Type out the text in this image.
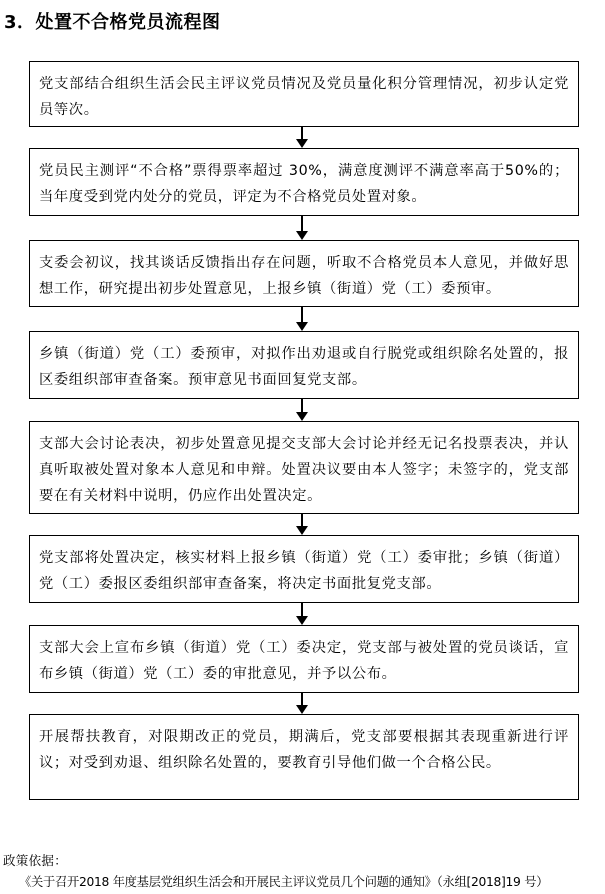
3．处置不合格党员流程图
党支部结合组织生活会民主评议党员情况及党员量化积分管理情况，初步认定党员等次。
党员民主测评“不合格”票得票率超过 30%，满意度测评不满意率高于50%的；当年度受到党内处分的党员，评定为不合格党员处置对象。
支委会初议，找其谈话反馈指出存在问题，听取不合格党员本人意见，并做好思想工作，研究提出初步处置意见，上报乡镇（街道）党（工）委预审。
乡镇（街道）党（工）委预审，对拟作出劝退或自行脱党或组织除名处置的，报区委组织部审查备案。预审意见书面回复党支部。
支部大会讨论表决，初步处置意见提交支部大会讨论并经无记名投票表决，并认真听取被处置对象本人意见和申辩。处置决议要由本人签字；未签字的，党支部要在有关材料中说明，仍应作出处置决定。
党支部将处置决定，核实材料上报乡镇（街道）党（工）委审批；乡镇（街道）党（工）委报区委组织部审查备案，将决定书面批复党支部。
支部大会上宣布乡镇（街道）党（工）委决定，党支部与被处置的党员谈话，宣布乡镇（街道）党（工）委的审批意见，并予以公布。
开展帮扶教育，对限期改正的党员，期满后，党支部要根据其表现重新进行评议；对受到劝退、组织除名处置的，要教育引导他们做一个合格公民。
政策依据：
《关于召开2018 年度基层党组织生活会和开展民主评议党员几个问题的通知》（永组[2018]19 号）
